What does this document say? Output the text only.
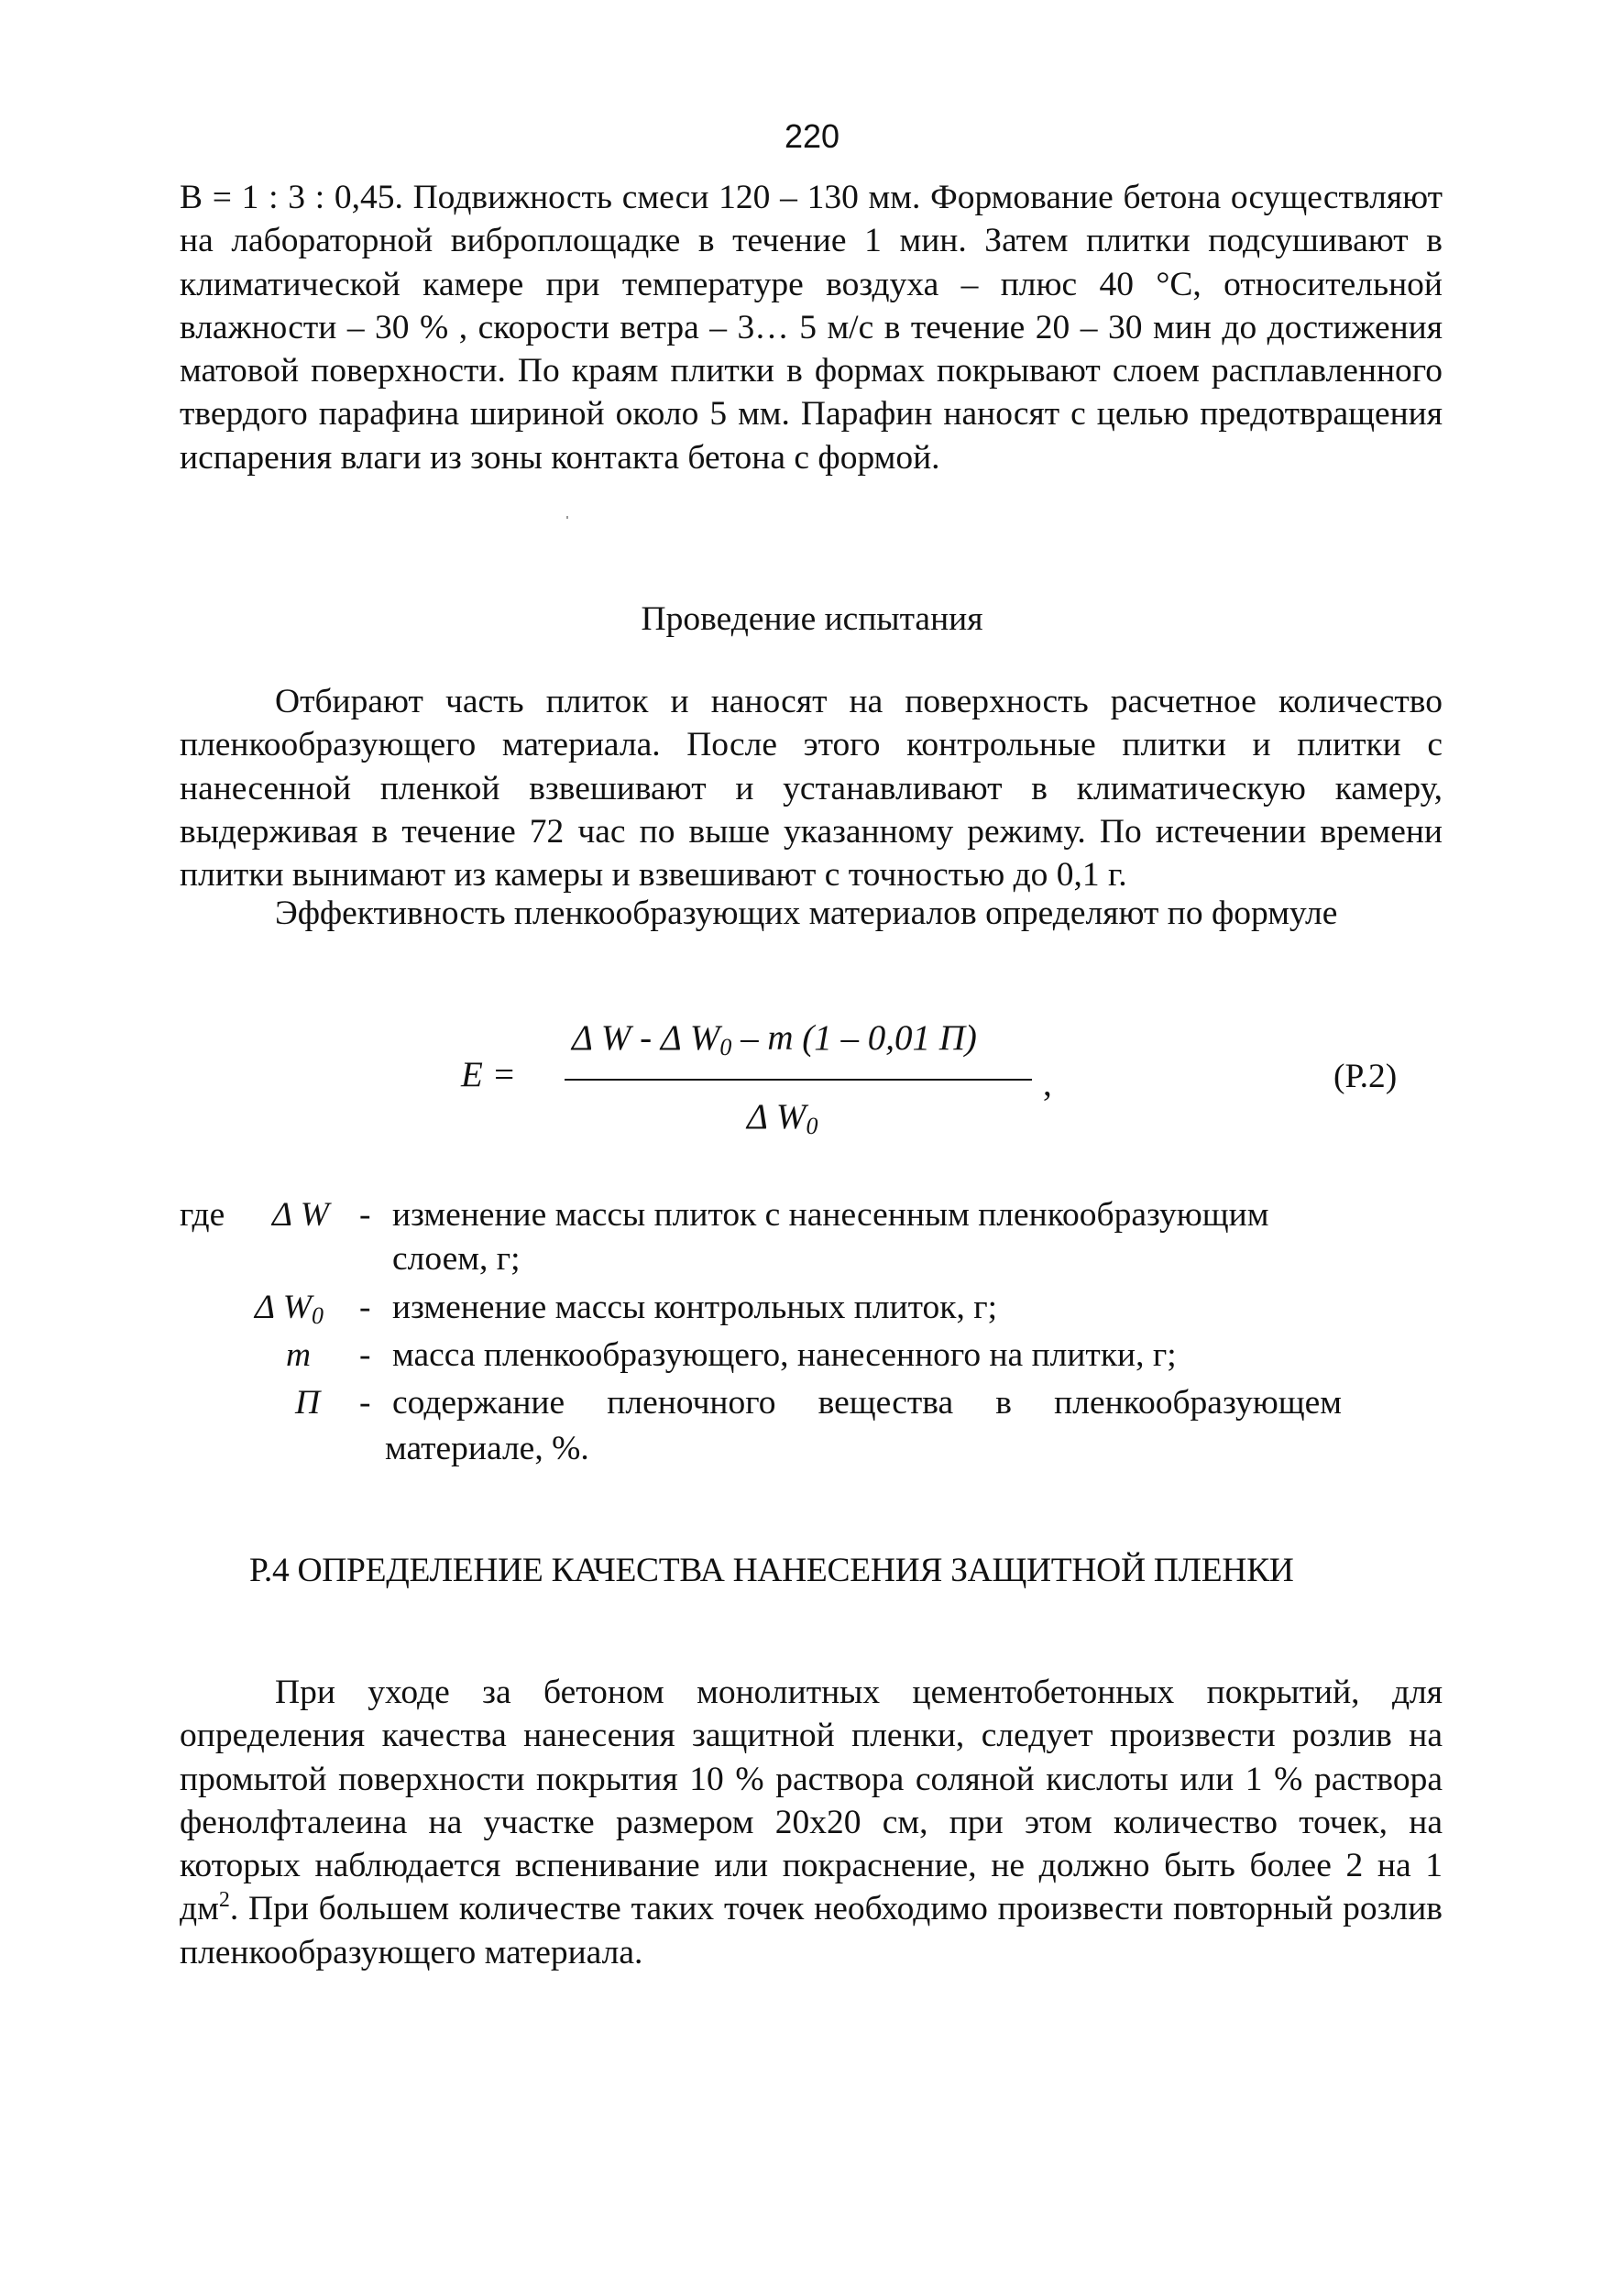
220

В = 1 : 3 : 0,45. Подвижность смеси 120 – 130 мм. Формование бетона осуществляют на лабораторной виброплощадке в течение 1 мин. Затем плитки подсушивают в климатической камере при температуре воздуха – плюс 40 °С, относительной влажности – 30 % , скорости ветра – 3… 5 м/с в течение 20 – 30 мин до достижения матовой поверхности. По краям плитки в формах покрывают слоем расплавленного твердого парафина шириной около 5 мм. Парафин наносят с целью предотвращения испарения влаги из зоны контакта бетона с формой.

Проведение испытания

Отбирают часть плиток и наносят на поверхность расчетное количество пленкообразующего материала. После этого контрольные плитки и плитки с нанесенной пленкой взвешивают и устанавливают в климатическую камеру, выдерживая в течение 72 час по выше указанному режиму. По истечении времени плитки вынимают из камеры и взвешивают с точностью до 0,1 г.

Эффективность пленкообразующих материалов определяют по формуле

E =
Δ W - Δ $W_0$ – m (1 – 0,01 П)
Δ $W_0$
,	(Р.2)
где Δ W - изменение массы плиток с нанесенным пленкообразующим
слоем, г;
Δ $W_0$ - изменение массы контрольных плиток, г;
m - масса пленкообразующего, нанесенного на плитки, г;
П - содержание пленочного вещества в пленкообразующем
материале, %.
Р.4 ОПРЕДЕЛЕНИЕ КАЧЕСТВА НАНЕСЕНИЯ ЗАЩИТНОЙ ПЛЕНКИ

При уходе за бетоном монолитных цементобетонных покрытий, для определения качества нанесения защитной пленки, следует произвести розлив на промытой поверхности покрытия 10 % раствора соляной кислоты или 1 % раствора фенолфталеина на участке размером 20х20 см, при этом количество точек, на которых наблюдается вспенивание или покраснение, не должно быть более 2 на 1 $дм^2$. При большем количестве таких точек необходимо произвести повторный розлив пленкообразующего материала.
